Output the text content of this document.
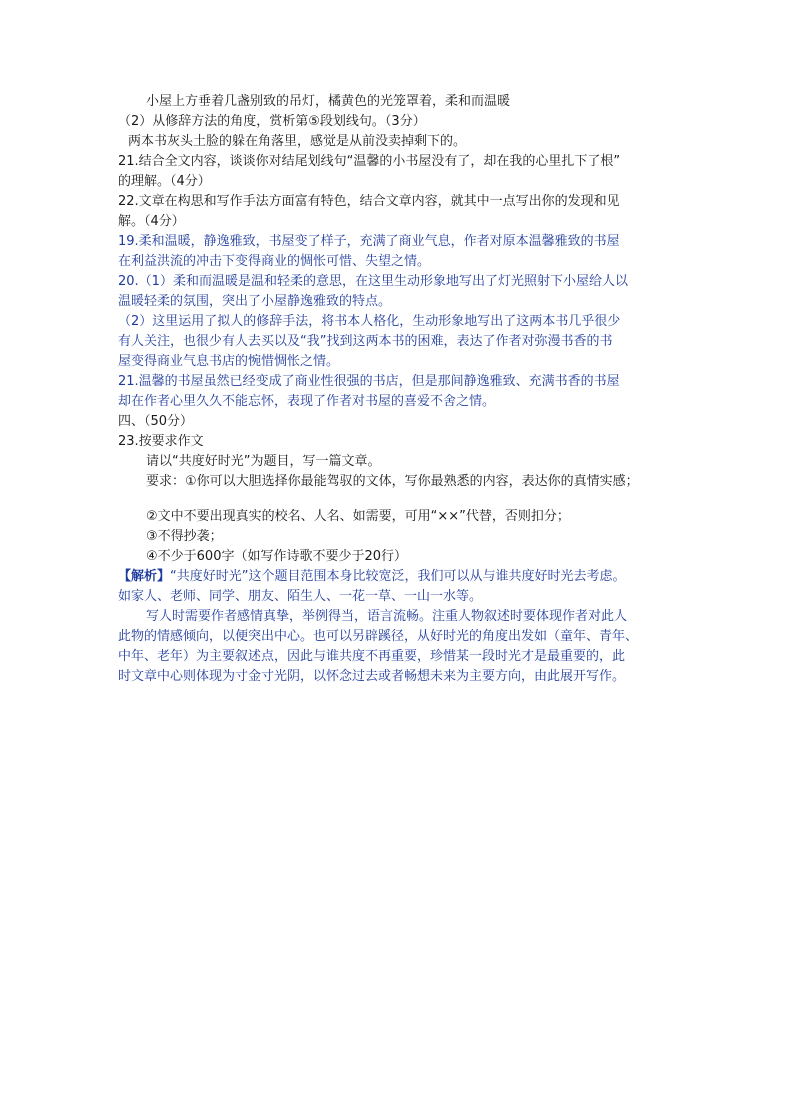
小屋上方垂着几盏别致的吊灯，橘黄色的光笼罩着，柔和而温暖
（2）从修辞方法的角度，赏析第⑤段划线句。（3分）
两本书灰头土脸的躲在角落里，感觉是从前没卖掉剩下的。
21.结合全文内容，谈谈你对结尾划线句“温馨的小书屋没有了，却在我的心里扎下了根”
的理解。（4分）
22.文章在构思和写作手法方面富有特色，结合文章内容，就其中一点写出你的发现和见
解。（4分）
19.柔和温暖，静逸雅致，书屋变了样子，充满了商业气息，作者对原本温馨雅致的书屋
在利益洪流的冲击下变得商业的惆怅可惜、失望之情。
20.（1）柔和而温暖是温和轻柔的意思，在这里生动形象地写出了灯光照射下小屋给人以
温暖轻柔的氛围，突出了小屋静逸雅致的特点。
（2）这里运用了拟人的修辞手法，将书本人格化，生动形象地写出了这两本书几乎很少
有人关注，也很少有人去买以及“我”找到这两本书的困难，表达了作者对弥漫书香的书
屋变得商业气息书店的惋惜惆怅之情。
21.温馨的书屋虽然已经变成了商业性很强的书店，但是那间静逸雅致、充满书香的书屋
却在作者心里久久不能忘怀，表现了作者对书屋的喜爱不舍之情。
四、（50分）
23.按要求作文
请以“共度好时光”为题目，写一篇文章。
要求：①你可以大胆选择你最能驾驭的文体，写你最熟悉的内容，表达你的真情实感；
②文中不要出现真实的校名、人名、如需要，可用“××”代替，否则扣分；
③不得抄袭；
④不少于600字（如写作诗歌不要少于20行）
【解析】“共度好时光”这个题目范围本身比较宽泛，我们可以从与谁共度好时光去考虑。
如家人、老师、同学、朋友、陌生人、一花一草、一山一水等。
写人时需要作者感情真挚，举例得当，语言流畅。注重人物叙述时要体现作者对此人
此物的情感倾向，以便突出中心。也可以另辟蹊径，从好时光的角度出发如（童年、青年、
中年、老年）为主要叙述点，因此与谁共度不再重要，珍惜某一段时光才是最重要的，此
时文章中心则体现为寸金寸光阴，以怀念过去或者畅想未来为主要方向，由此展开写作。
